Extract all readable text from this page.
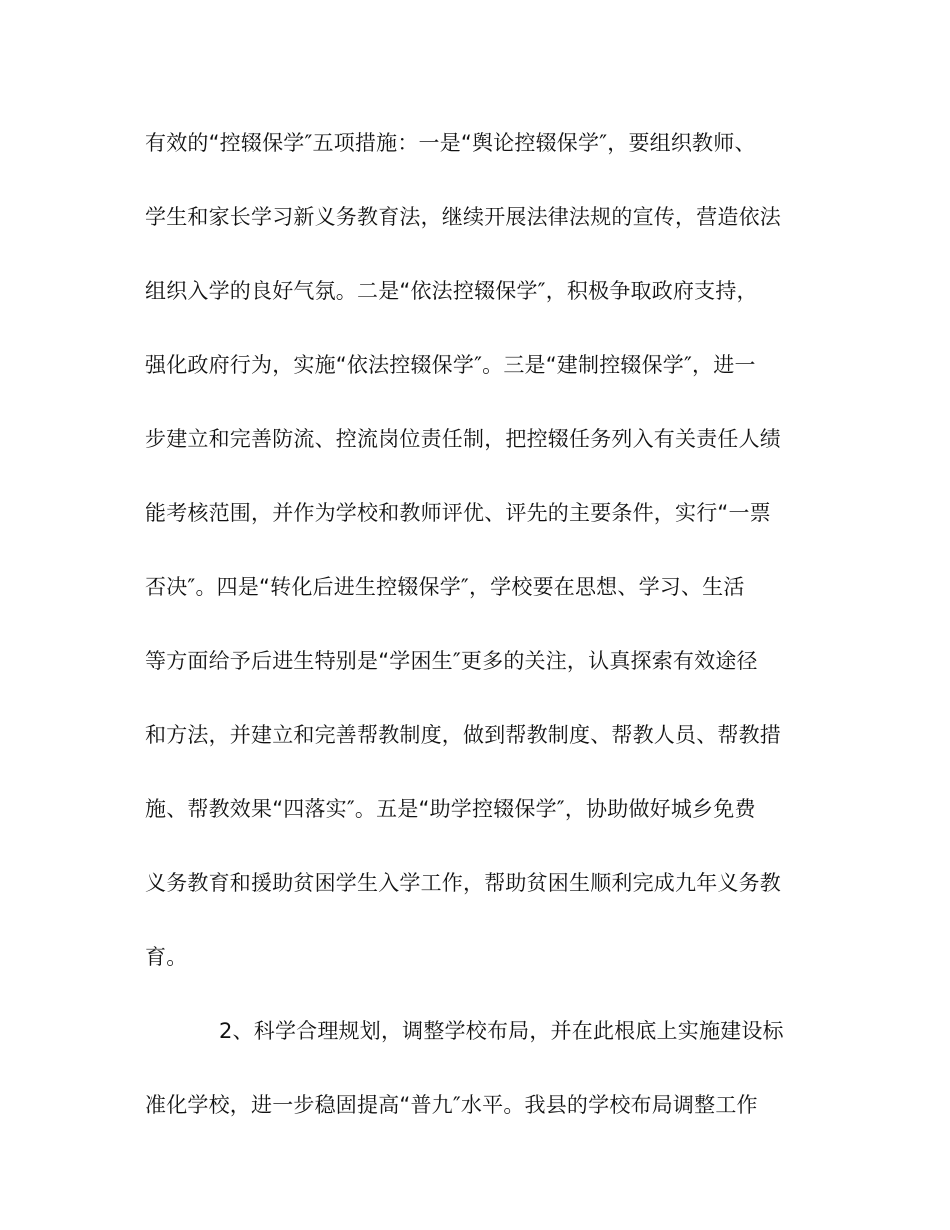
有效的“控辍保学″五项措施：一是“舆论控辍保学″，要组织教师、
学生和家长学习新义务教育法，继续开展法律法规的宣传，营造依法
组织入学的良好气氛。二是“依法控辍保学″，积极争取政府支持，
强化政府行为，实施“依法控辍保学″。三是“建制控辍保学″，进一
步建立和完善防流、控流岗位责任制，把控辍任务列入有关责任人绩
能考核范围，并作为学校和教师评优、评先的主要条件，实行“一票
否决″。四是“转化后进生控辍保学″，学校要在思想、学习、生活
等方面给予后进生特别是“学困生″更多的关注，认真探索有效途径
和方法，并建立和完善帮教制度，做到帮教制度、帮教人员、帮教措
施、帮教效果“四落实″。五是“助学控辍保学″，协助做好城乡免费
义务教育和援助贫困学生入学工作，帮助贫困生顺利完成九年义务教
育。
2、科学合理规划，调整学校布局，并在此根底上实施建设标
准化学校，进一步稳固提高“普九″水平。我县的学校布局调整工作
